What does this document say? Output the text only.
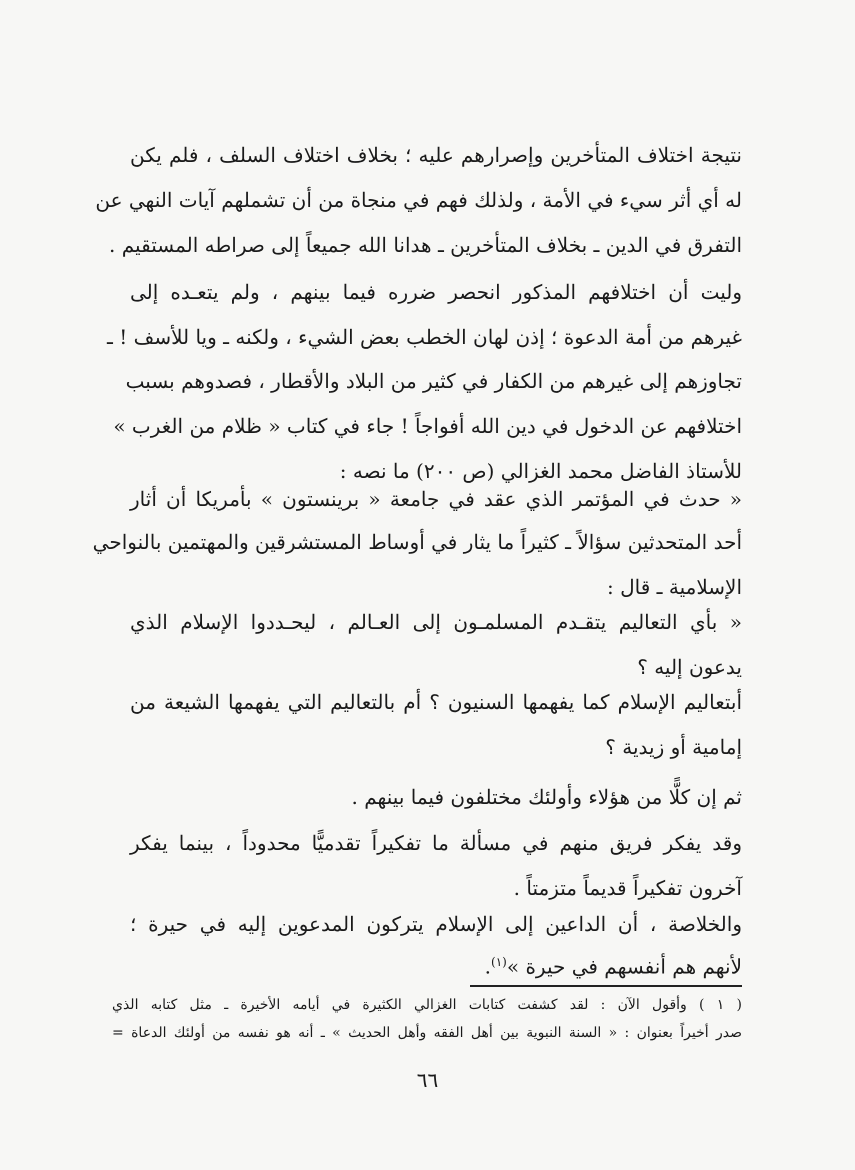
نتيجة اختلاف المتأخرين وإصرارهم عليه ؛ بخلاف اختلاف السلف ، فلم يكن
له أي أثر سيء في الأمة ، ولذلك فهم في منجاة من أن تشملهم آيات النهي عن
التفرق في الدين ـ بخلاف المتأخرين ـ هدانا الله جميعاً إلى صراطه المستقيم .
وليت أن اختلافهم المذكور انحصر ضرره فيما بينهم ، ولم يتعـده إلى
غيرهم من أمة الدعوة ؛ إذن لهان الخطب بعض الشيء ، ولكنه ـ ويا للأسف ! ـ
تجاوزهم إلى غيرهم من الكفار في كثير من البلاد والأقطار ، فصدوهم بسبب
اختلافهم عن الدخول في دين الله أفواجاً ! جاء في كتاب « ظلام من الغرب »
للأستاذ الفاضل محمد الغزالي (ص ٢٠٠) ما نصه :
« حدث في المؤتمر الذي عقد في جامعة « برينستون » بأمريكا أن أثار
أحد المتحدثين سؤالاً ـ كثيراً ما يثار في أوساط المستشرقين والمهتمين بالنواحي
الإسلامية ـ قال :
« بأي التعاليم يتقـدم المسلمـون إلى العـالم ، ليحـددوا الإسلام الذي
يدعون إليه ؟
أبتعاليم الإسلام كما يفهمها السنيون ؟ أم بالتعاليم التي يفهمها الشيعة من
إمامية أو زيدية ؟
ثم إن كلًّا من هؤلاء وأولئك مختلفون فيما بينهم .
وقد يفكر فريق منهم في مسألة ما تفكيراً تقدميًّا محدوداً ، بينما يفكر
آخرون تفكيراً قديماً متزمتاً .
والخلاصة ، أن الداعين إلى الإسلام يتركون المدعوين إليه في حيرة ؛
لأنهم هم أنفسهم في حيرة »$^{(١)}$.
( ١ ) وأقول الآن : لقد كشفت كتابات الغزالي الكثيرة في أيامه الأخيرة ـ مثل كتابه الذي
صدر أخيراً بعنوان : « السنة النبوية بين أهل الفقه وأهل الحديث » ـ أنه هو نفسه من أولئك الدعاة =
٦٦
